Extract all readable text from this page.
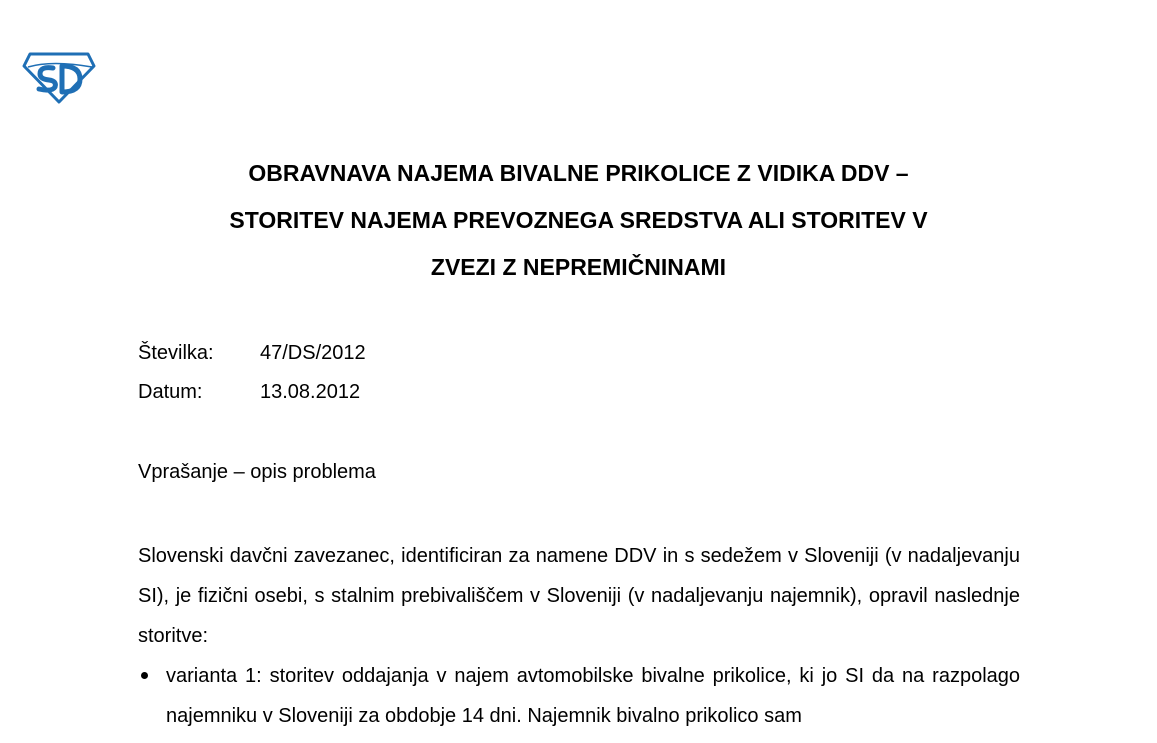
OBRAVNAVA NAJEMA BIVALNE PRIKOLICE Z VIDIKA DDV –
STORITEV NAJEMA PREVOZNEGA SREDSTVA ALI STORITEV V
ZVEZI Z NEPREMIČNINAMI
Številka: 47/DS/2012
Datum:	13.08.2012
Vprašanje – opis problema
Slovenski davčni zavezanec, identificiran za namene DDV in s sedežem v Sloveniji (v nadaljevanju SI), je fizični osebi, s stalnim prebivališčem v Sloveniji (v nadaljevanju najemnik), opravil naslednje storitve:
varianta 1: storitev oddajanja v najem avtomobilske bivalne prikolice, ki jo SI da na razpolago najemniku v Sloveniji za obdobje 14 dni. Najemnik bivalno prikolico sam
